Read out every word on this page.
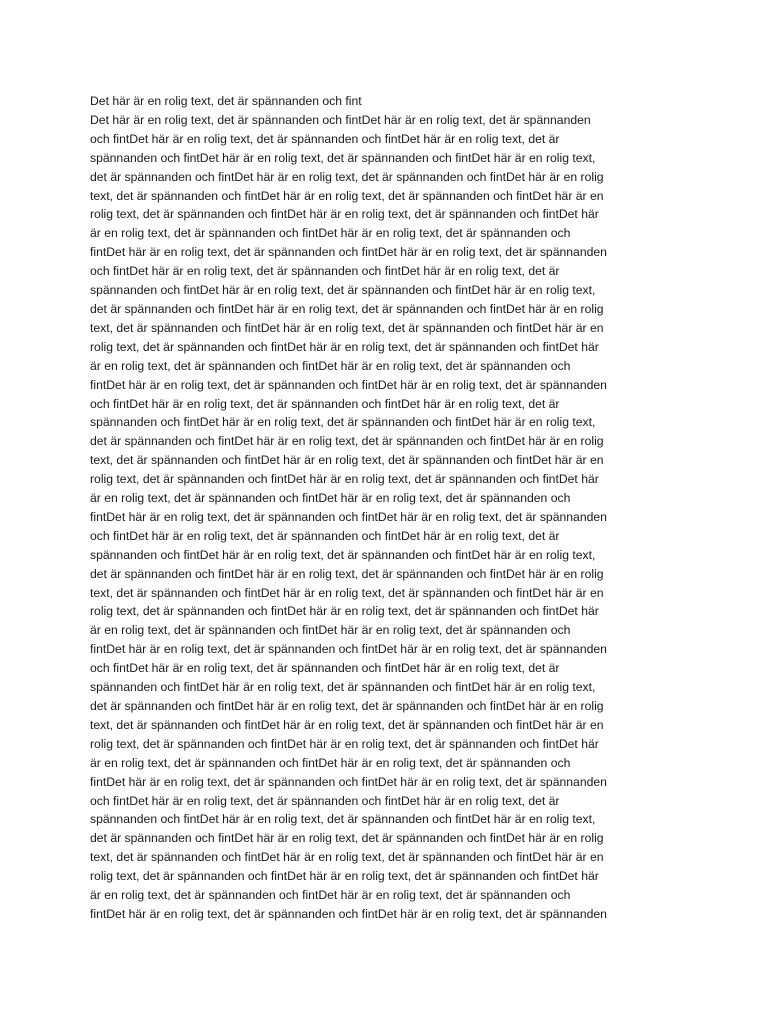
Det här är en rolig text, det är spännanden och fint

Det här är en rolig text, det är spännanden och fintDet här är en rolig text, det är spännanden
och fintDet här är en rolig text, det är spännanden och fintDet här är en rolig text, det är
spännanden och fintDet här är en rolig text, det är spännanden och fintDet här är en rolig text,
det är spännanden och fintDet här är en rolig text, det är spännanden och fintDet här är en rolig
text, det är spännanden och fintDet här är en rolig text, det är spännanden och fintDet här är en
rolig text, det är spännanden och fintDet här är en rolig text, det är spännanden och fintDet här
är en rolig text, det är spännanden och fintDet här är en rolig text, det är spännanden och
fintDet här är en rolig text, det är spännanden och fintDet här är en rolig text, det är spännanden
och fintDet här är en rolig text, det är spännanden och fintDet här är en rolig text, det är
spännanden och fintDet här är en rolig text, det är spännanden och fintDet här är en rolig text,
det är spännanden och fintDet här är en rolig text, det är spännanden och fintDet här är en rolig
text, det är spännanden och fintDet här är en rolig text, det är spännanden och fintDet här är en
rolig text, det är spännanden och fintDet här är en rolig text, det är spännanden och fintDet här
är en rolig text, det är spännanden och fintDet här är en rolig text, det är spännanden och
fintDet här är en rolig text, det är spännanden och fintDet här är en rolig text, det är spännanden
och fintDet här är en rolig text, det är spännanden och fintDet här är en rolig text, det är
spännanden och fintDet här är en rolig text, det är spännanden och fintDet här är en rolig text,
det är spännanden och fintDet här är en rolig text, det är spännanden och fintDet här är en rolig
text, det är spännanden och fintDet här är en rolig text, det är spännanden och fintDet här är en
rolig text, det är spännanden och fintDet här är en rolig text, det är spännanden och fintDet här
är en rolig text, det är spännanden och fintDet här är en rolig text, det är spännanden och
fintDet här är en rolig text, det är spännanden och fintDet här är en rolig text, det är spännanden
och fintDet här är en rolig text, det är spännanden och fintDet här är en rolig text, det är
spännanden och fintDet här är en rolig text, det är spännanden och fintDet här är en rolig text,
det är spännanden och fintDet här är en rolig text, det är spännanden och fintDet här är en rolig
text, det är spännanden och fintDet här är en rolig text, det är spännanden och fintDet här är en
rolig text, det är spännanden och fintDet här är en rolig text, det är spännanden och fintDet här
är en rolig text, det är spännanden och fintDet här är en rolig text, det är spännanden och
fintDet här är en rolig text, det är spännanden och fintDet här är en rolig text, det är spännanden
och fintDet här är en rolig text, det är spännanden och fintDet här är en rolig text, det är
spännanden och fintDet här är en rolig text, det är spännanden och fintDet här är en rolig text,
det är spännanden och fintDet här är en rolig text, det är spännanden och fintDet här är en rolig
text, det är spännanden och fintDet här är en rolig text, det är spännanden och fintDet här är en
rolig text, det är spännanden och fintDet här är en rolig text, det är spännanden och fintDet här
är en rolig text, det är spännanden och fintDet här är en rolig text, det är spännanden och
fintDet här är en rolig text, det är spännanden och fintDet här är en rolig text, det är spännanden
och fintDet här är en rolig text, det är spännanden och fintDet här är en rolig text, det är
spännanden och fintDet här är en rolig text, det är spännanden och fintDet här är en rolig text,
det är spännanden och fintDet här är en rolig text, det är spännanden och fintDet här är en rolig
text, det är spännanden och fintDet här är en rolig text, det är spännanden och fintDet här är en
rolig text, det är spännanden och fintDet här är en rolig text, det är spännanden och fintDet här
är en rolig text, det är spännanden och fintDet här är en rolig text, det är spännanden och
fintDet här är en rolig text, det är spännanden och fintDet här är en rolig text, det är spännanden
